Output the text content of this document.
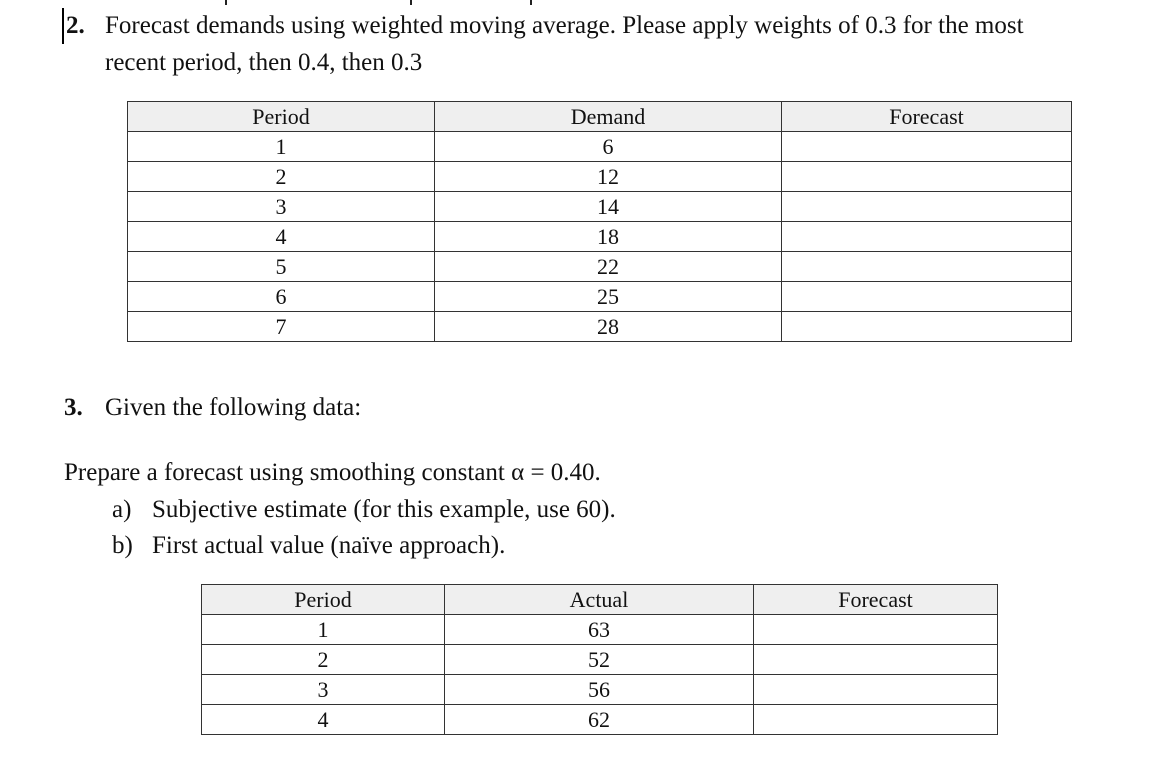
2. Forecast demands using weighted moving average. Please apply weights of 0.3 for the most
recent period, then 0.4, then 0.3
Period	Demand	Forecast
1	6	
2	12	
3	14	
4	18	
5	22	
6	25	
7	28	
3. Given the following data:
Prepare a forecast using smoothing constant α = 0.40.
a) Subjective estimate (for this example, use 60).
b) First actual value (naïve approach).
Period	Actual	Forecast
1	63	
2	52	
3	56	
4	62	
